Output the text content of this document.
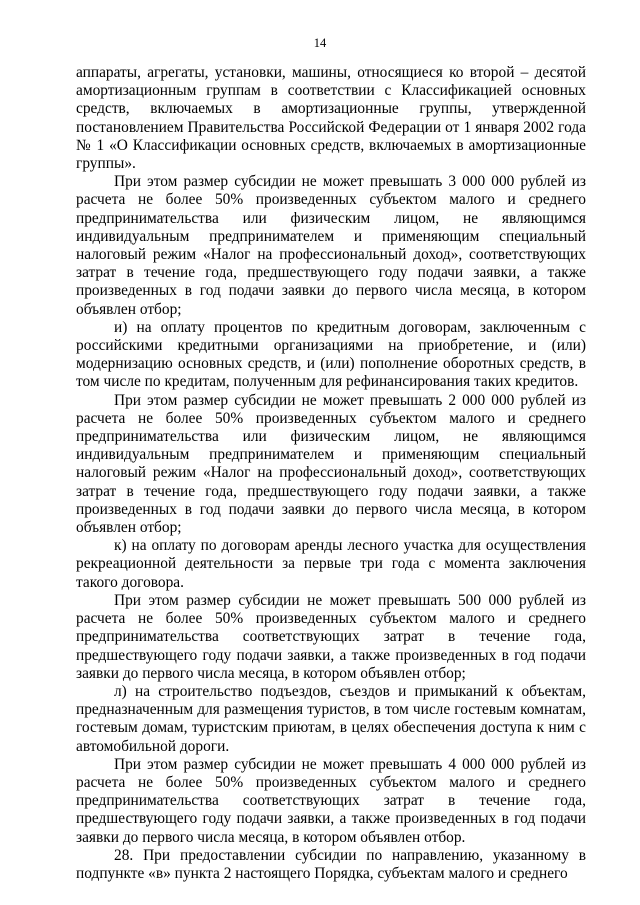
14

аппараты, агрегаты, установки, машины, относящиеся ко второй – десятой амортизационным группам в соответствии с Классификацией основных средств, включаемых в амортизационные группы, утвержденной постановлением Правительства Российской Федерации от 1 января 2002 года № 1 «О Классификации основных средств, включаемых в амортизационные группы».

При этом размер субсидии не может превышать 3 000 000 рублей из расчета не более 50% произведенных субъектом малого и среднего предпринимательства или физическим лицом, не являющимся индивидуальным предпринимателем и применяющим специальный налоговый режим «Налог на профессиональный доход», соответствующих затрат в течение года, предшествующего году подачи заявки, а также произведенных в год подачи заявки до первого числа месяца, в котором объявлен отбор;

и) на оплату процентов по кредитным договорам, заключенным с российскими кредитными организациями на приобретение, и (или) модернизацию основных средств, и (или) пополнение оборотных средств, в том числе по кредитам, полученным для рефинансирования таких кредитов.

При этом размер субсидии не может превышать 2 000 000 рублей из расчета не более 50% произведенных субъектом малого и среднего предпринимательства или физическим лицом, не являющимся индивидуальным предпринимателем и применяющим специальный налоговый режим «Налог на профессиональный доход», соответствующих затрат в течение года, предшествующего году подачи заявки, а также произведенных в год подачи заявки до первого числа месяца, в котором объявлен отбор;

к) на оплату по договорам аренды лесного участка для осуществления рекреационной деятельности за первые три года с момента заключения такого договора.

При этом размер субсидии не может превышать 500 000 рублей из расчета не более 50% произведенных субъектом малого и среднего предпринимательства соответствующих затрат в течение года, предшествующего году подачи заявки, а также произведенных в год подачи заявки до первого числа месяца, в котором объявлен отбор;

л) на строительство подъездов, съездов и примыканий к объектам, предназначенным для размещения туристов, в том числе гостевым комнатам, гостевым домам, туристским приютам, в целях обеспечения доступа к ним с автомобильной дороги.

При этом размер субсидии не может превышать 4 000 000 рублей из расчета не более 50% произведенных субъектом малого и среднего предпринимательства соответствующих затрат в течение года, предшествующего году подачи заявки, а также произведенных в год подачи заявки до первого числа месяца, в котором объявлен отбор.

28. При предоставлении субсидии по направлению, указанному в подпункте «в» пункта 2 настоящего Порядка, субъектам малого и среднего
